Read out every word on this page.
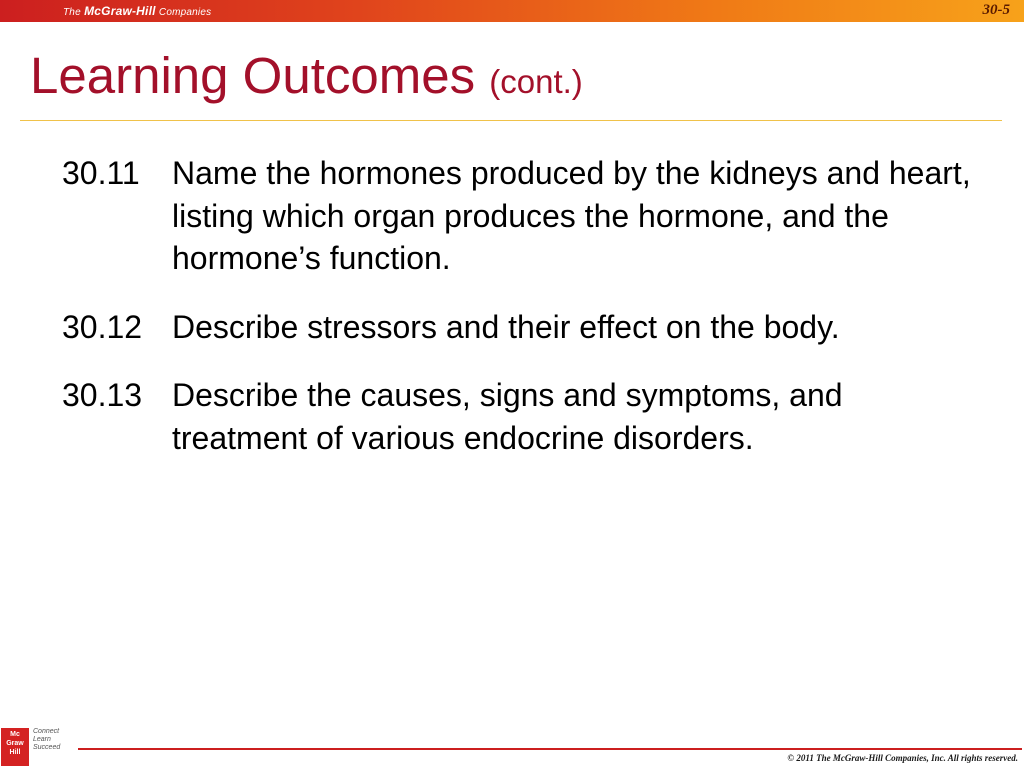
The McGraw-Hill Companies	30-5
Learning Outcomes (cont.)
30.11 Name the hormones produced by the kidneys and heart, listing which organ produces the hormone, and the hormone’s function.
30.12 Describe stressors and their effect on the body.
30.13 Describe the causes, signs and symptoms, and treatment of various endocrine disorders.
Mc
Graw
Hill
Connect
Learn
Succeed
© 2011 The McGraw-Hill Companies, Inc. All rights reserved.
